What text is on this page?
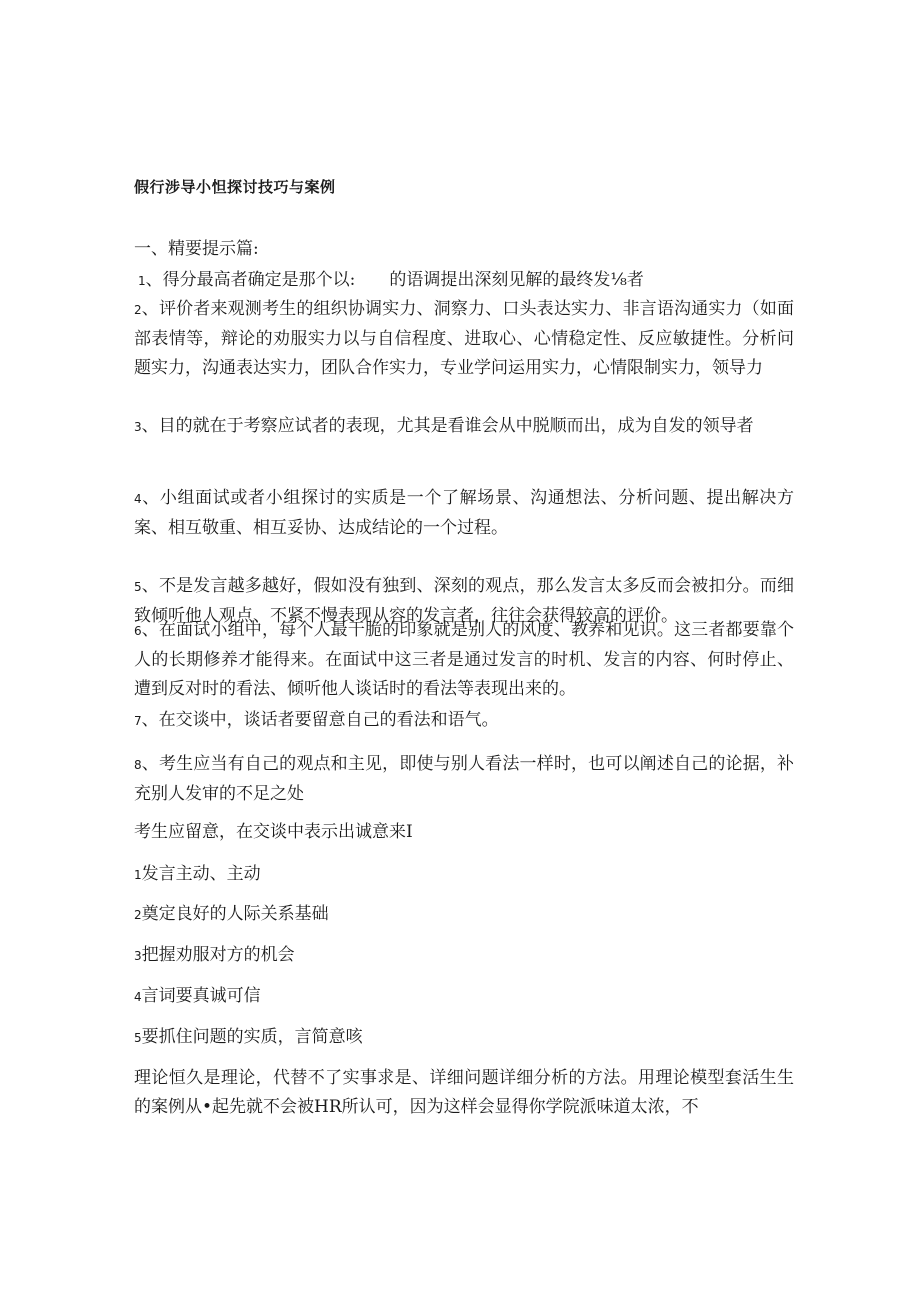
假行涉导小怛探讨技巧与案例
一、精要提示篇:
1、得分最高者确定是那个以:　　的语调提出深刻见解的最终发⅛者
2、评价者来观测考生的组织协调实力、洞察力、口头表达实力、非言语沟通实力（如面部表情等，辩论的劝服实力以与自信程度、进取心、心情稳定性、反应敏捷性。分析问题实力，沟通表达实力，团队合作实力，专业学问运用实力，心情限制实力，领导力
3、目的就在于考察应试者的表现，尤其是看谁会从中脱顺而出，成为自发的领导者
4、小组面试或者小组探讨的实质是一个了解场景、沟通想法、分析问题、提出解决方案、相互敬重、相互妥协、达成结论的一个过程。
5、不是发言越多越好，假如没有独到、深刻的观点，那么发言太多反而会被扣分。而细致倾听他人观点、不紧不慢表现从容的发言者，往往会获得较高的评价。
6、在面试小组中，每个人最干脆的印象就是别人的风度、教养和见识。这三者都要靠个人的长期修养才能得来。在面试中这三者是通过发言的时机、发言的内容、何时停止、遭到反对时的看法、倾听他人谈话时的看法等表现出来的。
7、在交谈中，谈话者要留意自己的看法和语气。
8、考生应当有自己的观点和主见，即使与别人看法一样时，也可以阐述自己的论据，补充别人发审的不足之处
考生应留意，在交谈中表示出诚意来I
1发言主动、主动
2奠定良好的人际关系基础
3把握劝服对方的机会
4言词要真诚可信
5要抓住问题的实质，言简意咳
理论恒久是理论，代替不了实事求是、详细问题详细分析的方法。用理论模型套活生生的案例从•起先就不会被HR所认可，因为这样会显得你学院派味道太浓，不
